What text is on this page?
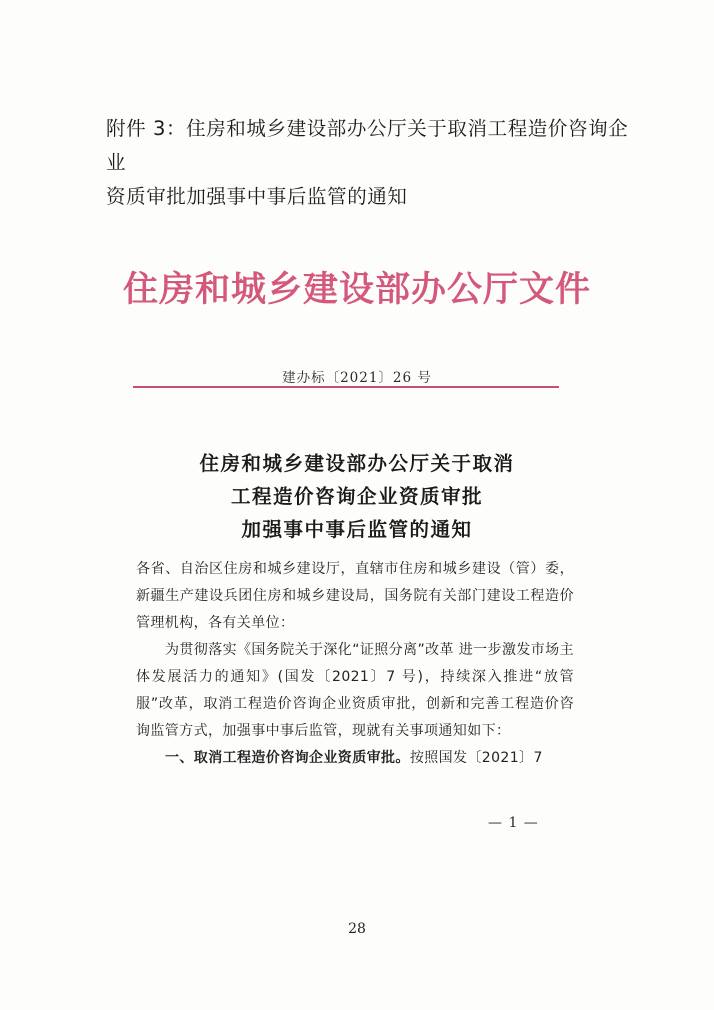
附件 3：住房和城乡建设部办公厅关于取消工程造价咨询企业
资质审批加强事中事后监管的通知
住房和城乡建设部办公厅文件
建办标〔2021〕26 号
住房和城乡建设部办公厅关于取消
工程造价咨询企业资质审批
加强事中事后监管的通知

各省、自治区住房和城乡建设厅，直辖市住房和城乡建设（管）委，新疆生产建设兵团住房和城乡建设局，国务院有关部门建设工程造价管理机构，各有关单位：

为贯彻落实《国务院关于深化“证照分离”改革 进一步激发市场主体发展活力的通知》(国发〔2021〕7 号)，持续深入推进“放管服”改革，取消工程造价咨询企业资质审批，创新和完善工程造价咨询监管方式，加强事中事后监管，现就有关事项通知如下：

一、取消工程造价咨询企业资质审批。按照国发〔2021〕7

— 1 —
28
